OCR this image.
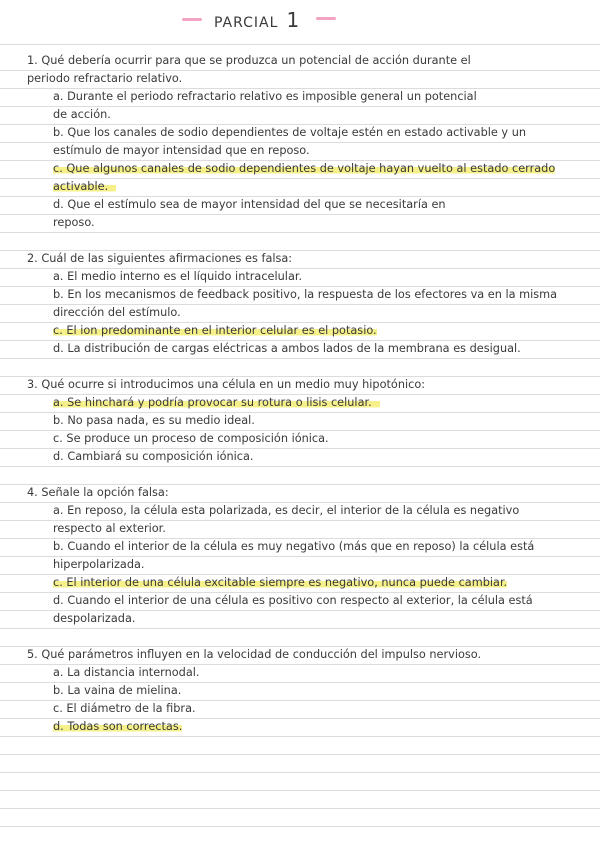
PARCIAL 1
1. Qué debería ocurrir para que se produzca un potencial de acción durante el
periodo refractario relativo.
a. Durante el periodo refractario relativo es imposible general un potencial
de acción.
b. Que los canales de sodio dependientes de voltaje estén en estado activable y un
estímulo de mayor intensidad que en reposo.
c. Que algunos canales de sodio dependientes de voltaje hayan vuelto al estado cerrado
activable.
d. Que el estímulo sea de mayor intensidad del que se necesitaría en
reposo.
2. Cuál de las siguientes afirmaciones es falsa:
a. El medio interno es el líquido intracelular.
b. En los mecanismos de feedback positivo, la respuesta de los efectores va en la misma
dirección del estímulo.
c. El ion predominante en el interior celular es el potasio.
d. La distribución de cargas eléctricas a ambos lados de la membrana es desigual.
3. Qué ocurre si introducimos una célula en un medio muy hipotónico:
a. Se hinchará y podría provocar su rotura o lisis celular.
b. No pasa nada, es su medio ideal.
c. Se produce un proceso de composición iónica.
d. Cambiará su composición iónica.
4. Señale la opción falsa:
a. En reposo, la célula esta polarizada, es decir, el interior de la célula es negativo
respecto al exterior.
b. Cuando el interior de la célula es muy negativo (más que en reposo) la célula está
hiperpolarizada.
c. El interior de una célula excitable siempre es negativo, nunca puede cambiar.
d. Cuando el interior de una célula es positivo con respecto al exterior, la célula está
despolarizada.
5. Qué parámetros influyen en la velocidad de conducción del impulso nervioso.
a. La distancia internodal.
b. La vaina de mielina.
c. El diámetro de la fibra.
d. Todas son correctas.
